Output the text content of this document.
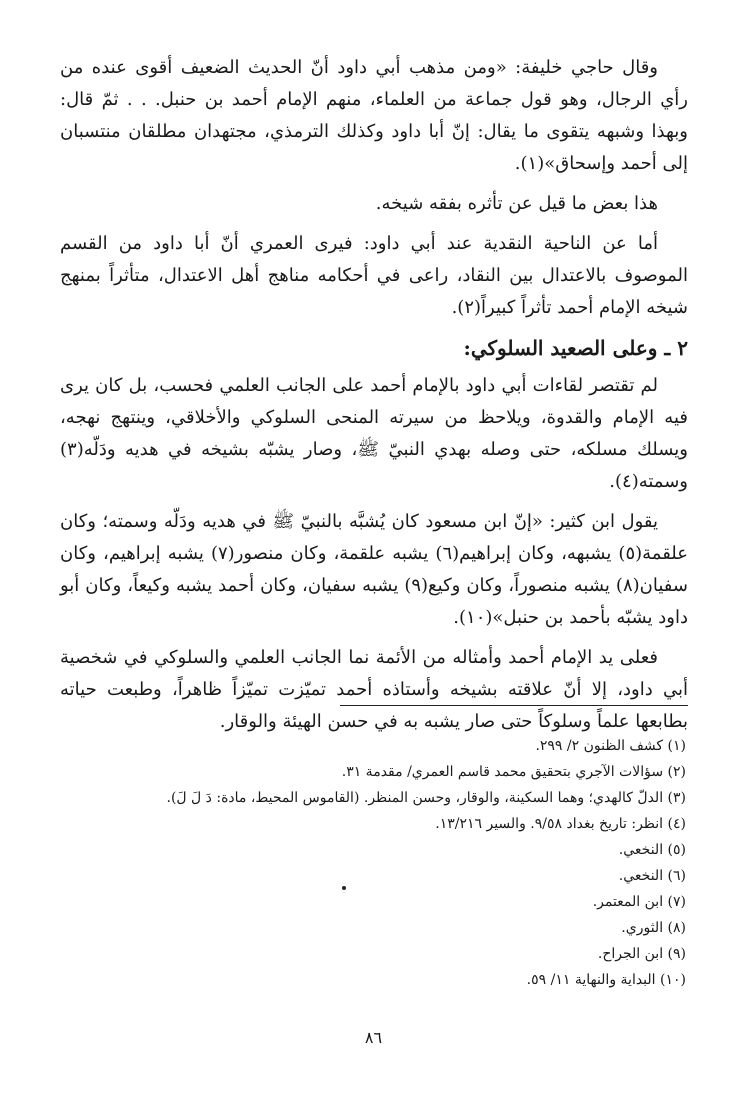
وقال حاجي خليفة: «ومن مذهب أبي داود أنّ الحديث الضعيف أقوى عنده من رأي الرجال، وهو قول جماعة من العلماء، منهم الإمام أحمد بن حنبل. . . ثمّ قال: وبهذا وشبهه يتقوى ما يقال: إنّ أبا داود وكذلك الترمذي، مجتهدان مطلقان منتسبان إلى أحمد وإسحاق»(١).

هذا بعض ما قيل عن تأثره بفقه شيخه.

أما عن الناحية النقدية عند أبي داود: فيرى العمري أنّ أبا داود من القسم الموصوف بالاعتدال بين النقاد، راعى في أحكامه مناهج أهل الاعتدال، متأثراً بمنهج شيخه الإمام أحمد تأثراً كبيراً(٢).

٢ ـ وعلى الصعيد السلوكي:

لم تقتصر لقاءات أبي داود بالإمام أحمد على الجانب العلمي فحسب، بل كان يرى فيه الإمام والقدوة، ويلاحظ من سيرته المنحى السلوكي والأخلاقي، وينتهج نهجه، ويسلك مسلكه، حتى وصله بهدي النبيّ ﷺ، وصار يشبّه بشيخه في هديه ودَلّه(٣) وسمته(٤).

يقول ابن كثير: «إنّ ابن مسعود كان يُشبَّه بالنبيّ ﷺ في هديه ودَلّه وسمته؛ وكان علقمة(٥) يشبهه، وكان إبراهيم(٦) يشبه علقمة، وكان منصور(٧) يشبه إبراهيم، وكان سفيان(٨) يشبه منصوراً، وكان وكيع(٩) يشبه سفيان، وكان أحمد يشبه وكيعاً، وكان أبو داود يشبّه بأحمد بن حنبل»(١٠).

فعلى يد الإمام أحمد وأمثاله من الأئمة نما الجانب العلمي والسلوكي في شخصية أبي داود، إلا أنّ علاقته بشيخه وأستاذه أحمد تميّزت تميّزاً ظاهراً، وطبعت حياته بطابعها علماً وسلوكاً حتى صار يشبه به في حسن الهيئة والوقار.

(١) كشف الظنون ٢/ ٢٩٩.

(٢) سؤالات الآجري بتحقيق محمد قاسم العمري/ مقدمة ٣١.

(٣) الدلّ كالهدي؛ وهما السكينة، والوقار، وحسن المنظر. (القاموس المحيط، مادة: دَ لَ لَ).

(٤) انظر: تاريخ بغداد ٩/٥٨. والسير ١٣/٢١٦.

(٥) النخعي.

(٦) النخعي.

(٧) ابن المعتمر.

(٨) الثوري.

(٩) ابن الجراح.

(١٠) البداية والنهاية ١١/ ٥٩.

٨٦
